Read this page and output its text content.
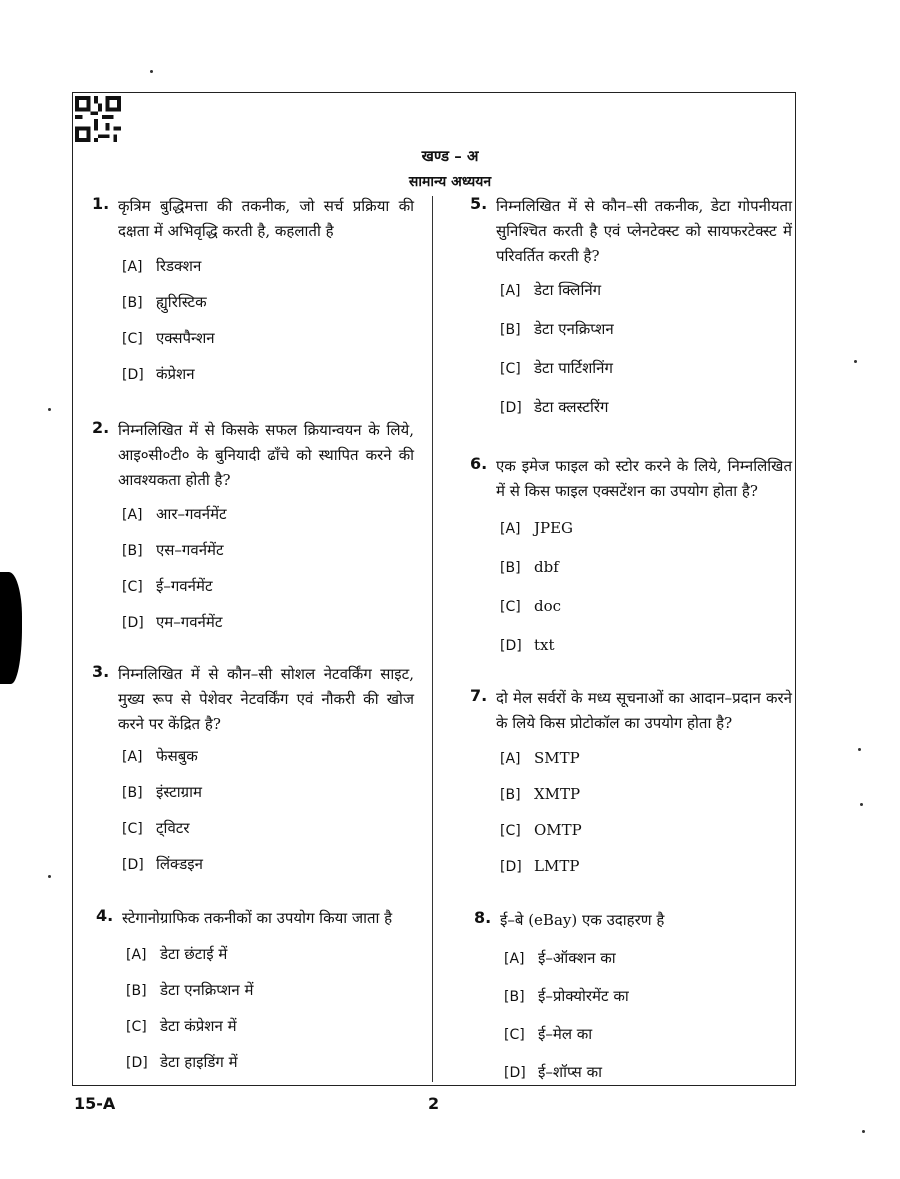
खण्ड – अ
सामान्य अध्ययन
1. कृत्रिम बुद्धिमत्ता की तकनीक, जो सर्च प्रक्रिया की दक्षता में अभिवृद्धि करती है, कहलाती है
[A] रिडक्शन
[B] ह्युरिस्टिक
[C] एक्सपैन्शन
[D] कंप्रेशन
2. निम्नलिखित में से किसके सफल क्रियान्वयन के लिये, आइ०सी०टी० के बुनियादी ढाँचे को स्थापित करने की आवश्यकता होती है?
[A] आर–गवर्नमेंट
[B] एस–गवर्नमेंट
[C] ई–गवर्नमेंट
[D] एम–गवर्नमेंट
3. निम्नलिखित में से कौन–सी सोशल नेटवर्किंग साइट, मुख्य रूप से पेशेवर नेटवर्किंग एवं नौकरी की खोज करने पर केंद्रित है?
[A] फेसबुक
[B] इंस्टाग्राम
[C] ट्विटर
[D] लिंक्डइन
4. स्टेगानोग्राफिक तकनीकों का उपयोग किया जाता है
[A] डेटा छंटाई में
[B] डेटा एनक्रिप्शन में
[C] डेटा कंप्रेशन में
[D] डेटा हाइडिंग में
5. निम्नलिखित में से कौन–सी तकनीक, डेटा गोपनीयता सुनिश्चित करती है एवं प्लेनटेक्स्ट को सायफरटेक्स्ट में परिवर्तित करती है?
[A] डेटा क्लिनिंग
[B] डेटा एनक्रिप्शन
[C] डेटा पार्टिशनिंग
[D] डेटा क्लस्टरिंग
6. एक इमेज फाइल को स्टोर करने के लिये, निम्नलिखित में से किस फाइल एक्सटेंशन का उपयोग होता है?
[A] JPEG
[B] dbf
[C] doc
[D] txt
7. दो मेल सर्वरों के मध्य सूचनाओं का आदान–प्रदान करने के लिये किस प्रोटोकॉल का उपयोग होता है?
[A] SMTP
[B] XMTP
[C] OMTP
[D] LMTP
8. ई–बे (eBay) एक उदाहरण है
[A] ई–ऑक्शन का
[B] ई–प्रोक्योरमेंट का
[C] ई–मेल का
[D] ई–शॉप्स का
15-A	2
